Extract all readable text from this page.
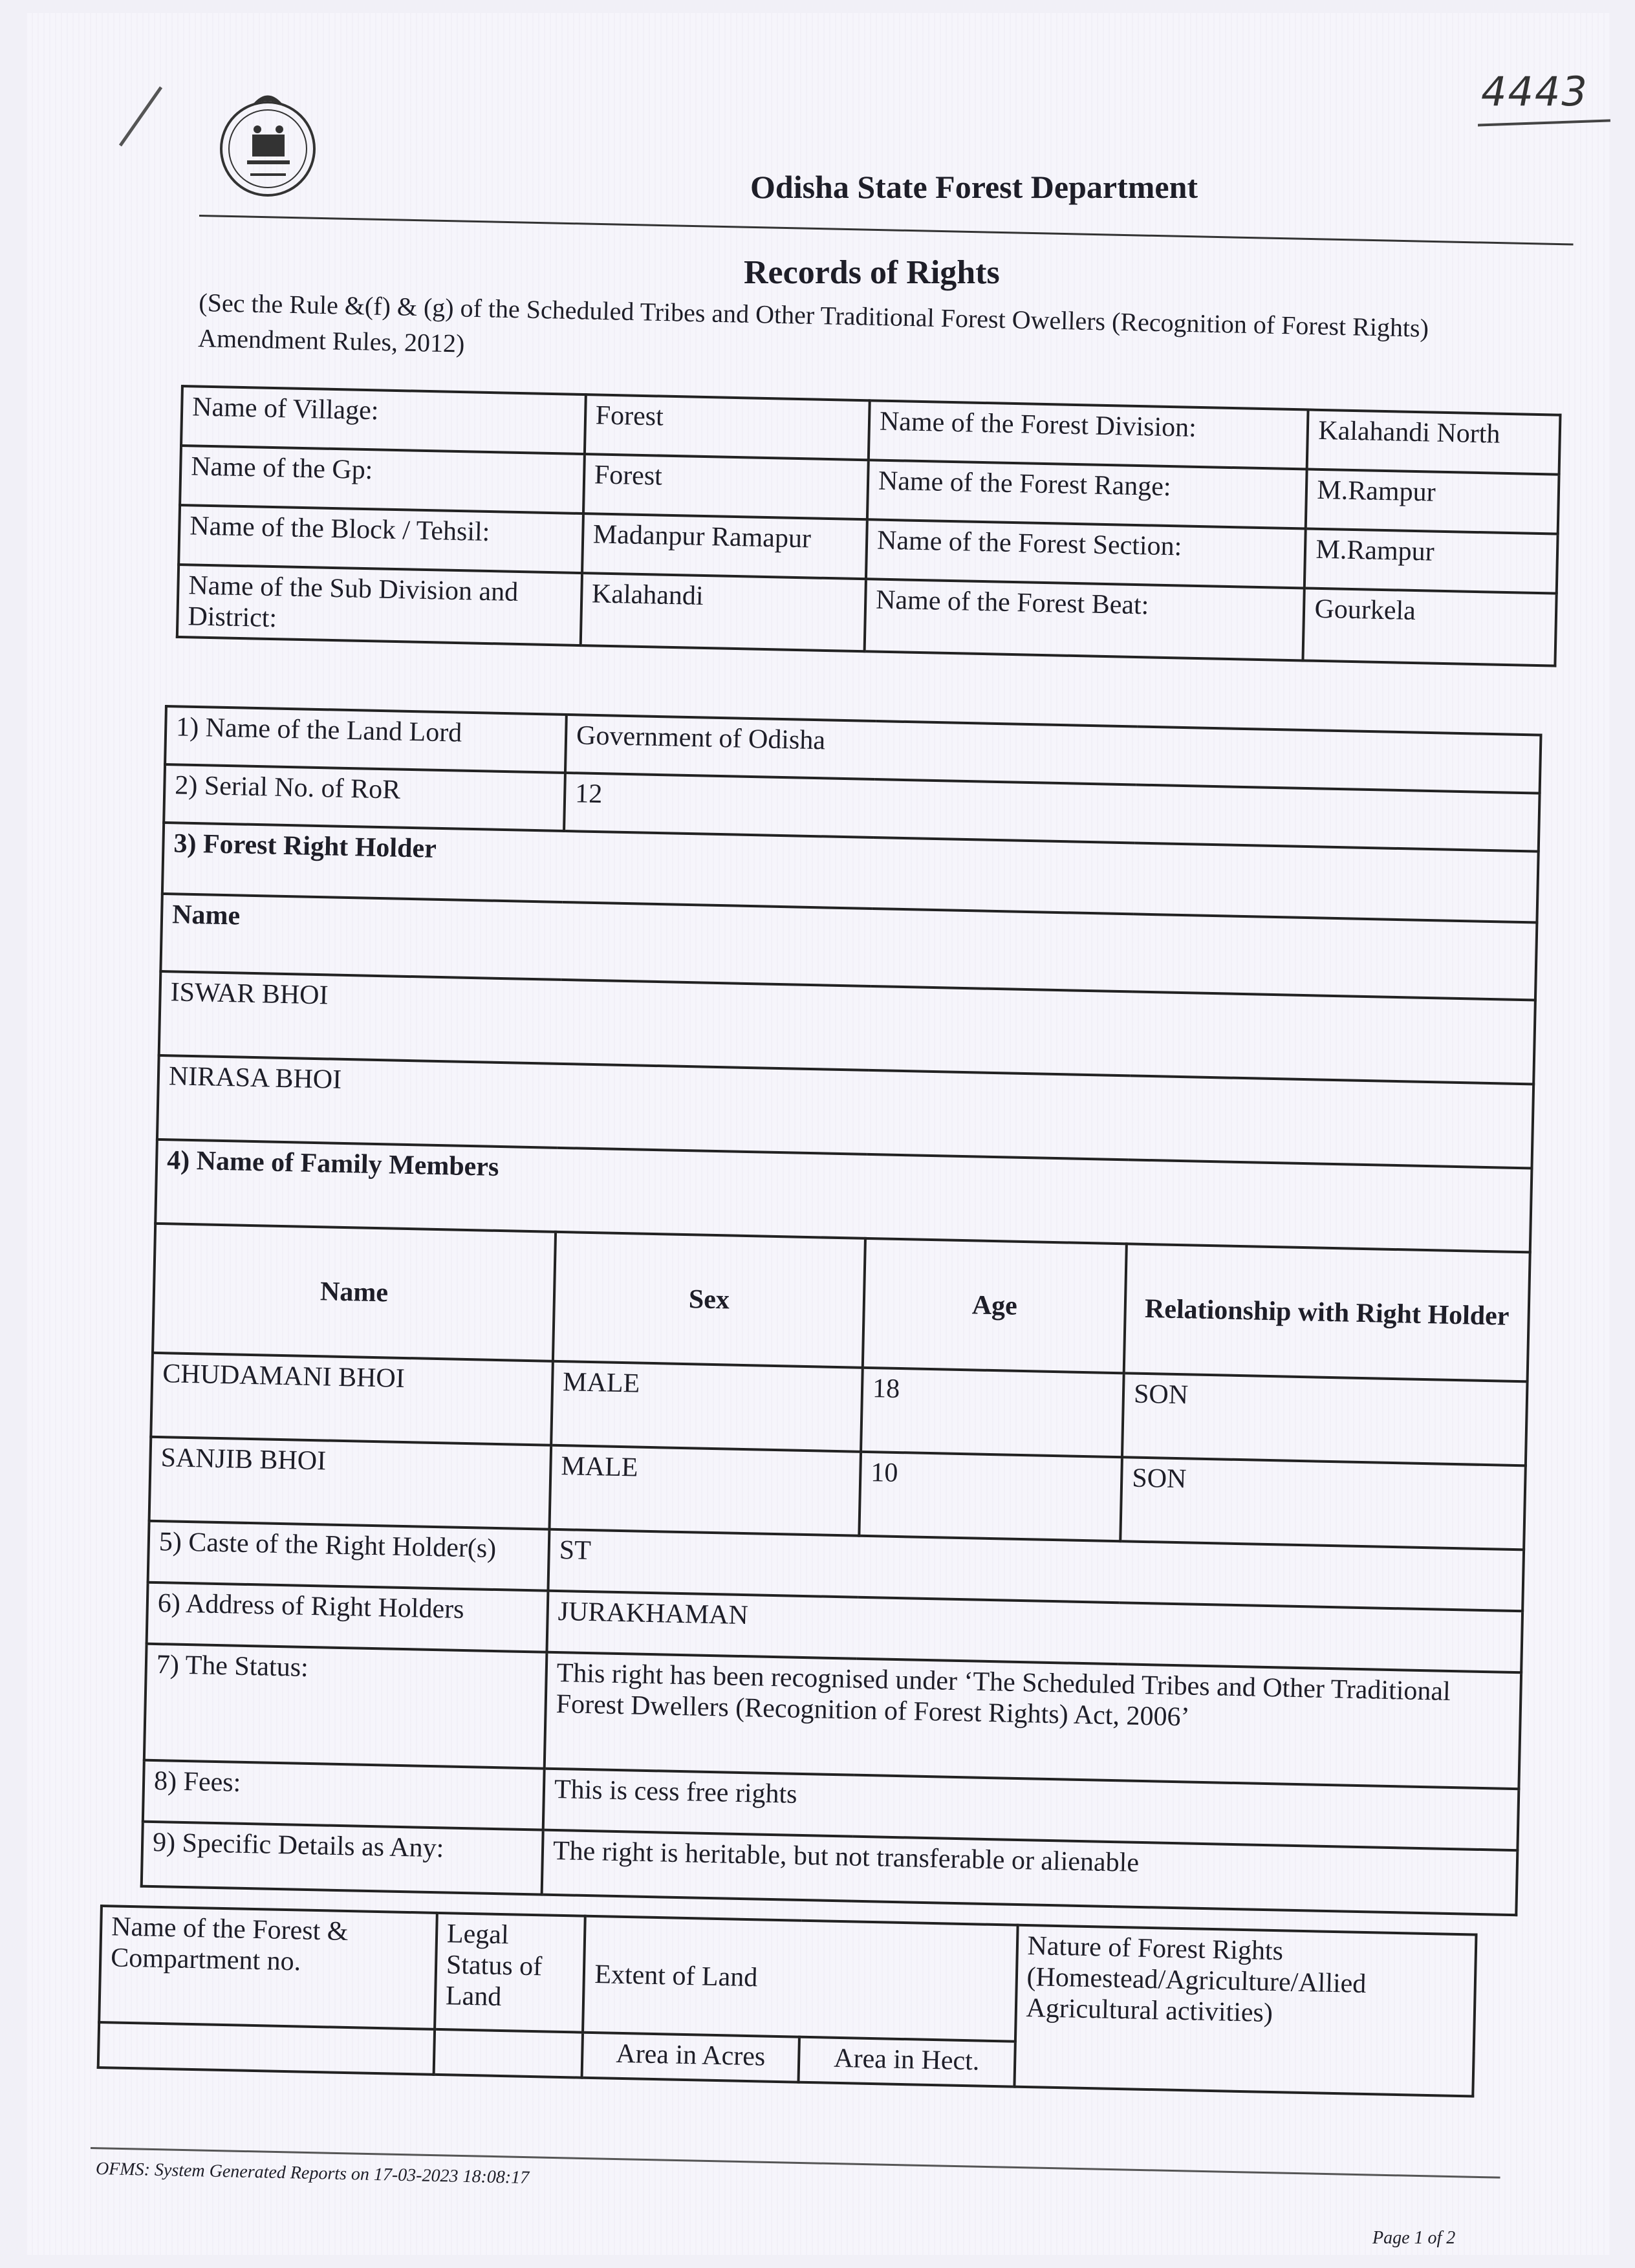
4443
Odisha State Forest Department
Records of Rights
(Sec the Rule &(f) & (g) of the Scheduled Tribes and Other Traditional Forest Owellers (Recognition of Forest Rights) Amendment Rules, 2012)
Name of Village:	Forest	Name of the Forest Division:	Kalahandi North
Name of the Gp:	Forest	Name of the Forest Range:	M.Rampur
Name of the Block / Tehsil:	Madanpur Ramapur	Name of the Forest Section:	M.Rampur
Name of the Sub Division and District:	Kalahandi	Name of the Forest Beat:	Gourkela
1) Name of the Land Lord	Government of Odisha		
2) Serial No. of RoR	12		
3) Forest Right Holder			
Name			
ISWAR BHOI			
NIRASA BHOI			
4) Name of Family Members			
Name	Sex	Age	Relationship with Right Holder
CHUDAMANI BHOI	MALE	18	SON
SANJIB BHOI	MALE	10	SON
5) Caste of the Right Holder(s)	ST		
6) Address of Right Holders	JURAKHAMAN		
7) The Status:	This right has been recognised under ‘The Scheduled Tribes and Other Traditional Forest Dwellers (Recognition of Forest Rights) Act, 2006’		
8) Fees:	This is cess free rights		
9) Specific Details as Any:	The right is heritable, but not transferable or alienable		
Name of the Forest & Compartment no.	Legal Status of Land	Extent of Land		Nature of Forest Rights (Homestead/Agriculture/Allied Agricultural activities)
		Area in Acres	Area in Hect.	
OFMS: System Generated Reports on 17-03-2023 18:08:17
Page 1 of 2
